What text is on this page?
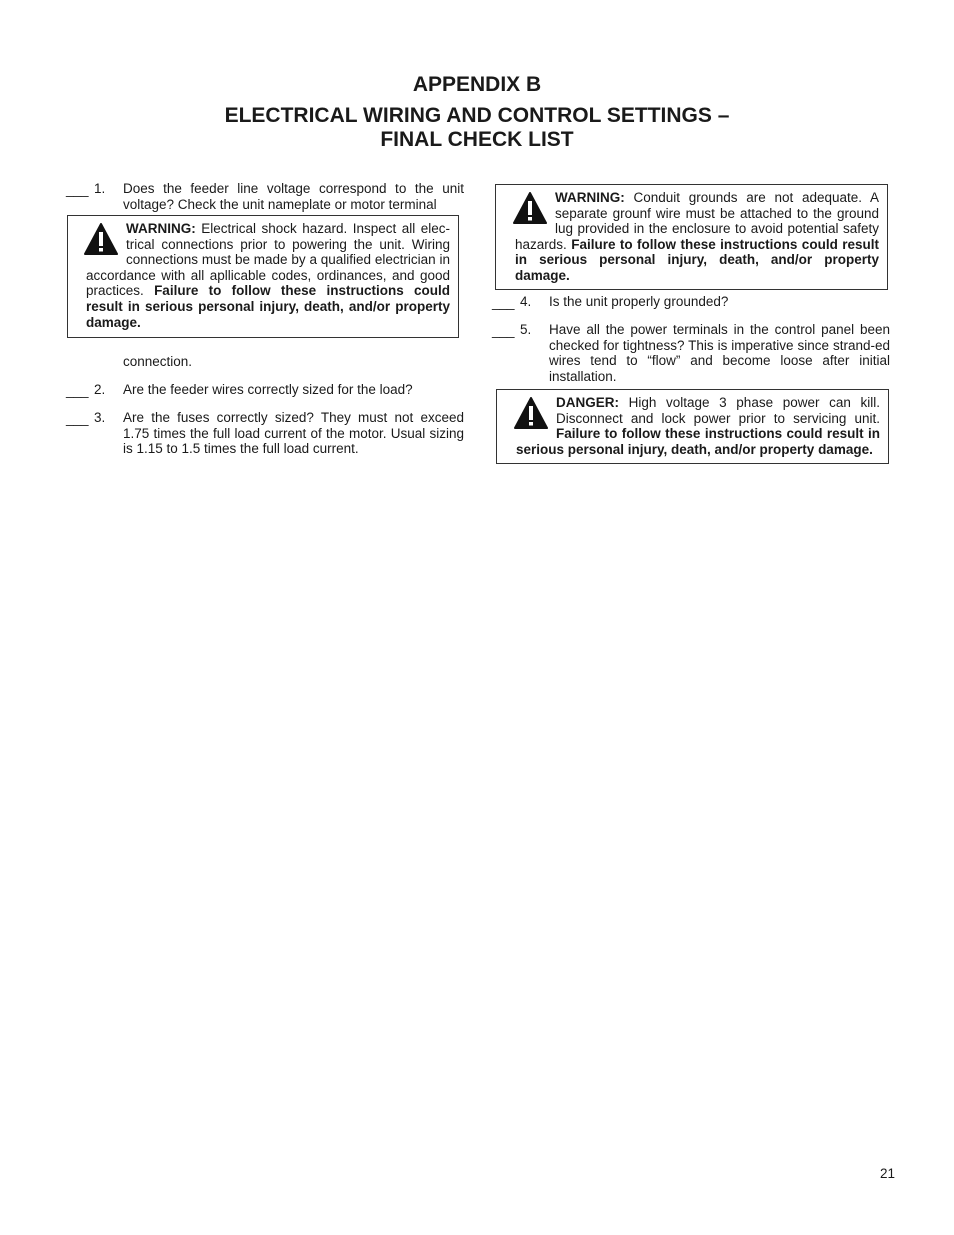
APPENDIX B
ELECTRICAL WIRING AND CONTROL SETTINGS –
FINAL CHECK LIST
___ 1. Does the feeder line voltage correspond to the unit voltage? Check the unit nameplate or motor terminal
WARNING: Electrical shock hazard. Inspect all elec-trical connections prior to powering the unit. Wiring connections must be made by a qualified electrician in accordance with all apllicable codes, ordinances, and good practices. Failure to follow these instructions could result in serious personal injury, death, and/or property damage.
connection.
___ 2. Are the feeder wires correctly sized for the load?
___ 3. Are the fuses correctly sized? They must not exceed 1.75 times the full load current of the motor. Usual sizing is 1.15 to 1.5 times the full load current.
WARNING: Conduit grounds are not adequate. A separate grounf wire must be attached to the ground lug provided in the enclosure to avoid potential safety hazards. Failure to follow these instructions could result in serious personal injury, death, and/or property damage.
___ 4. Is the unit properly grounded?
___ 5. Have all the power terminals in the control panel been checked for tightness? This is imperative since strand-ed wires tend to “flow” and become loose after initial installation.
DANGER: High voltage 3 phase power can kill. Disconnect and lock power prior to servicing unit. Failure to follow these instructions could result in serious personal injury, death, and/or property damage.
21
